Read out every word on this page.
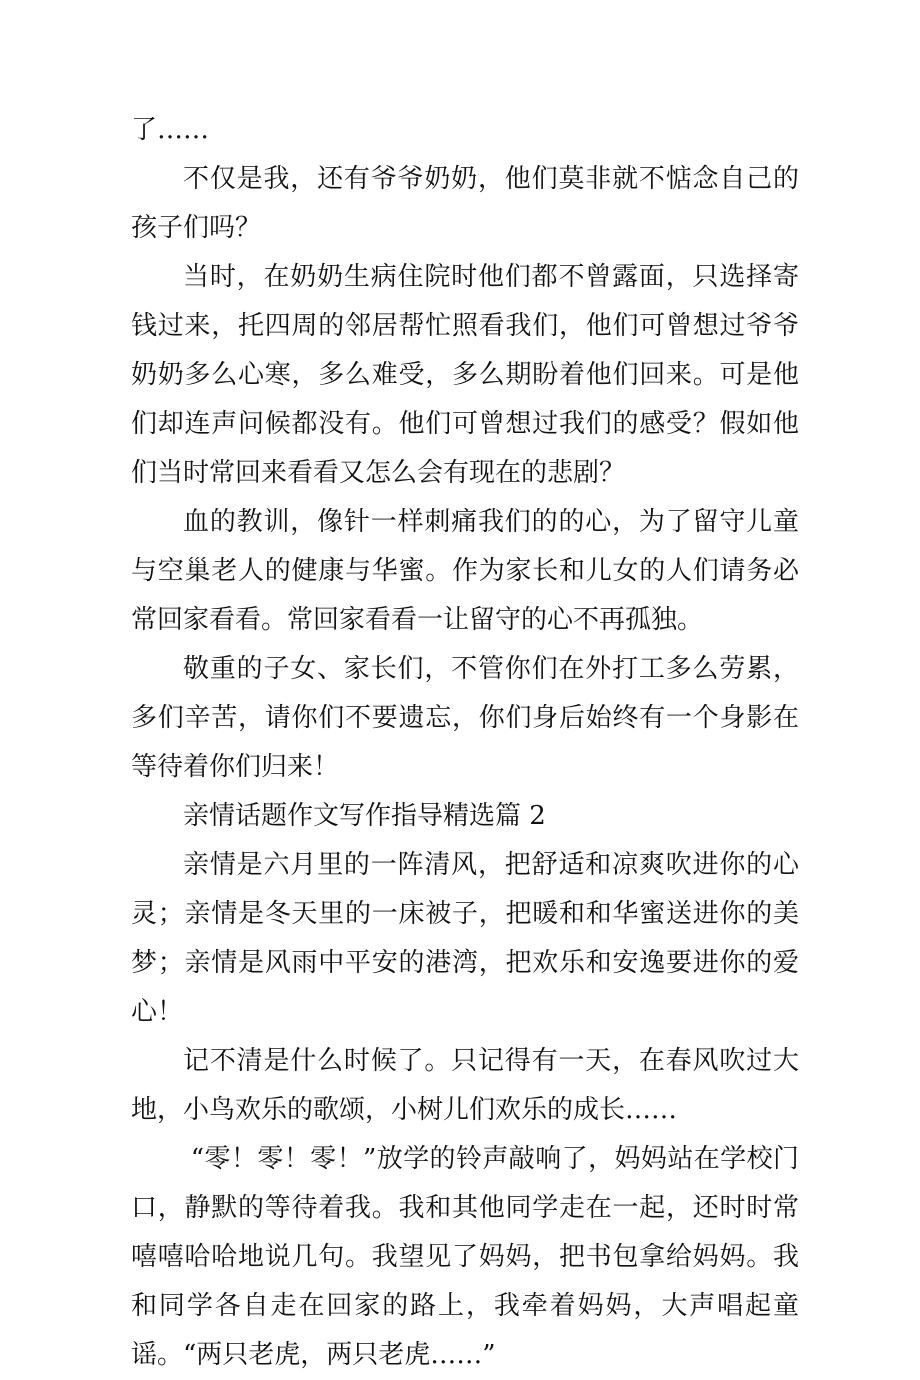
了……

不仅是我，还有爷爷奶奶，他们莫非就不惦念自己的孩子们吗？

当时，在奶奶生病住院时他们都不曾露面，只选择寄钱过来，托四周的邻居帮忙照看我们，他们可曾想过爷爷奶奶多么心寒，多么难受，多么期盼着他们回来。可是他们却连声问候都没有。他们可曾想过我们的感受？假如他们当时常回来看看又怎么会有现在的悲剧？

血的教训，像针一样刺痛我们的的心，为了留守儿童与空巢老人的健康与华蜜。作为家长和儿女的人们请务必常回家看看。常回家看看一让留守的心不再孤独。

敬重的子女、家长们，不管你们在外打工多么劳累，多们辛苦，请你们不要遗忘，你们身后始终有一个身影在等待着你们归来！

亲情话题作文写作指导精选篇 2

亲情是六月里的一阵清风，把舒适和凉爽吹进你的心灵；亲情是冬天里的一床被子，把暖和和华蜜送进你的美梦；亲情是风雨中平安的港湾，把欢乐和安逸要进你的爱心！

记不清是什么时候了。只记得有一天，在春风吹过大地，小鸟欢乐的歌颂，小树儿们欢乐的成长……

“零！零！零！”放学的铃声敲响了，妈妈站在学校门口，静默的等待着我。我和其他同学走在一起，还时时常嘻嘻哈哈地说几句。我望见了妈妈，把书包拿给妈妈。我和同学各自走在回家的路上，我牵着妈妈，大声唱起童谣。“两只老虎，两只老虎……”
